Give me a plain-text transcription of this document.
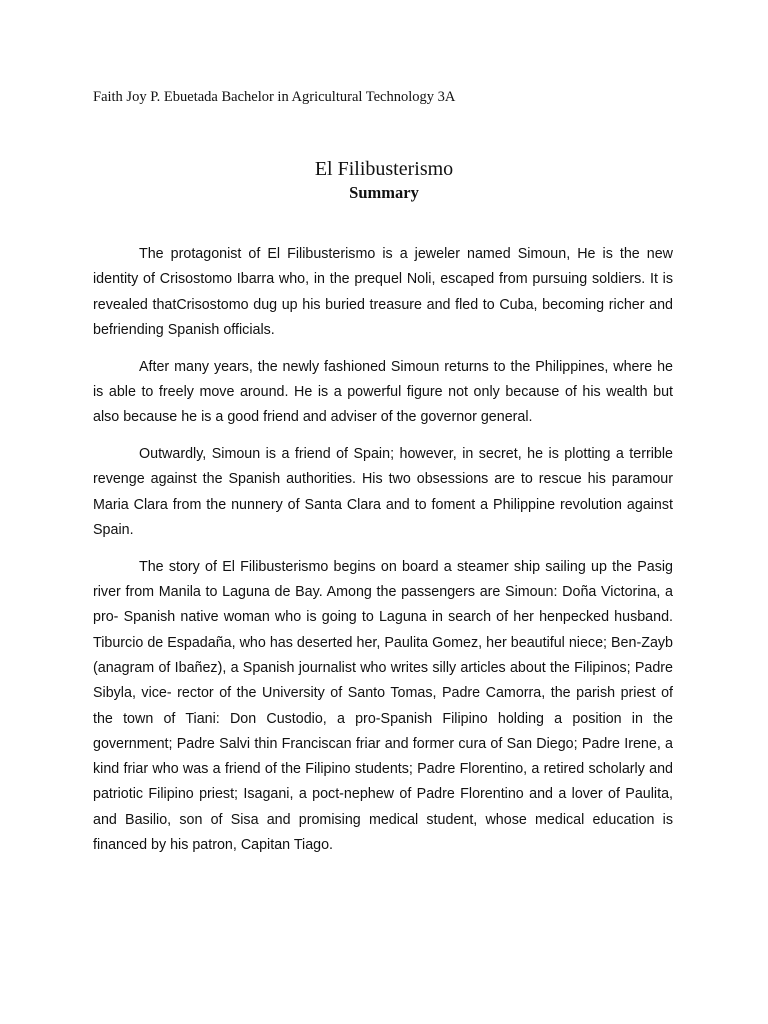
Faith Joy P. Ebuetada Bachelor in Agricultural Technology 3A
El Filibusterismo
Summary

The protagonist of El Filibusterismo is a jeweler named Simoun, He is the new identity of Crisostomo Ibarra who, in the prequel Noli, escaped from pursuing soldiers. It is revealed thatCrisostomo dug up his buried treasure and fled to Cuba, becoming richer and befriending Spanish officials.

After many years, the newly fashioned Simoun returns to the Philippines, where he is able to freely move around. He is a powerful figure not only because of his wealth but also because he is a good friend and adviser of the governor general.

Outwardly, Simoun is a friend of Spain; however, in secret, he is plotting a terrible revenge against the Spanish authorities. His two obsessions are to rescue his paramour Maria Clara from the nunnery of Santa Clara and to foment a Philippine revolution against Spain.

The story of El Filibusterismo begins on board a steamer ship sailing up the Pasig river from Manila to Laguna de Bay. Among the passengers are Simoun: Doña Victorina, a pro- Spanish native woman who is going to Laguna in search of her henpecked husband. Tiburcio de Espadaña, who has deserted her, Paulita Gomez, her beautiful niece; Ben-Zayb (anagram of Ibañez), a Spanish journalist who writes silly articles about the Filipinos; Padre Sibyla, vice- rector of the University of Santo Tomas, Padre Camorra, the parish priest of the town of Tiani: Don Custodio, a pro-Spanish Filipino holding a position in the government; Padre Salvi thin Franciscan friar and former cura of San Diego; Padre Irene, a kind friar who was a friend of the Filipino students; Padre Florentino, a retired scholarly and patriotic Filipino priest; Isagani, a poct-nephew of Padre Florentino and a lover of Paulita, and Basilio, son of Sisa and promising medical student, whose medical education is financed by his patron, Capitan Tiago.
